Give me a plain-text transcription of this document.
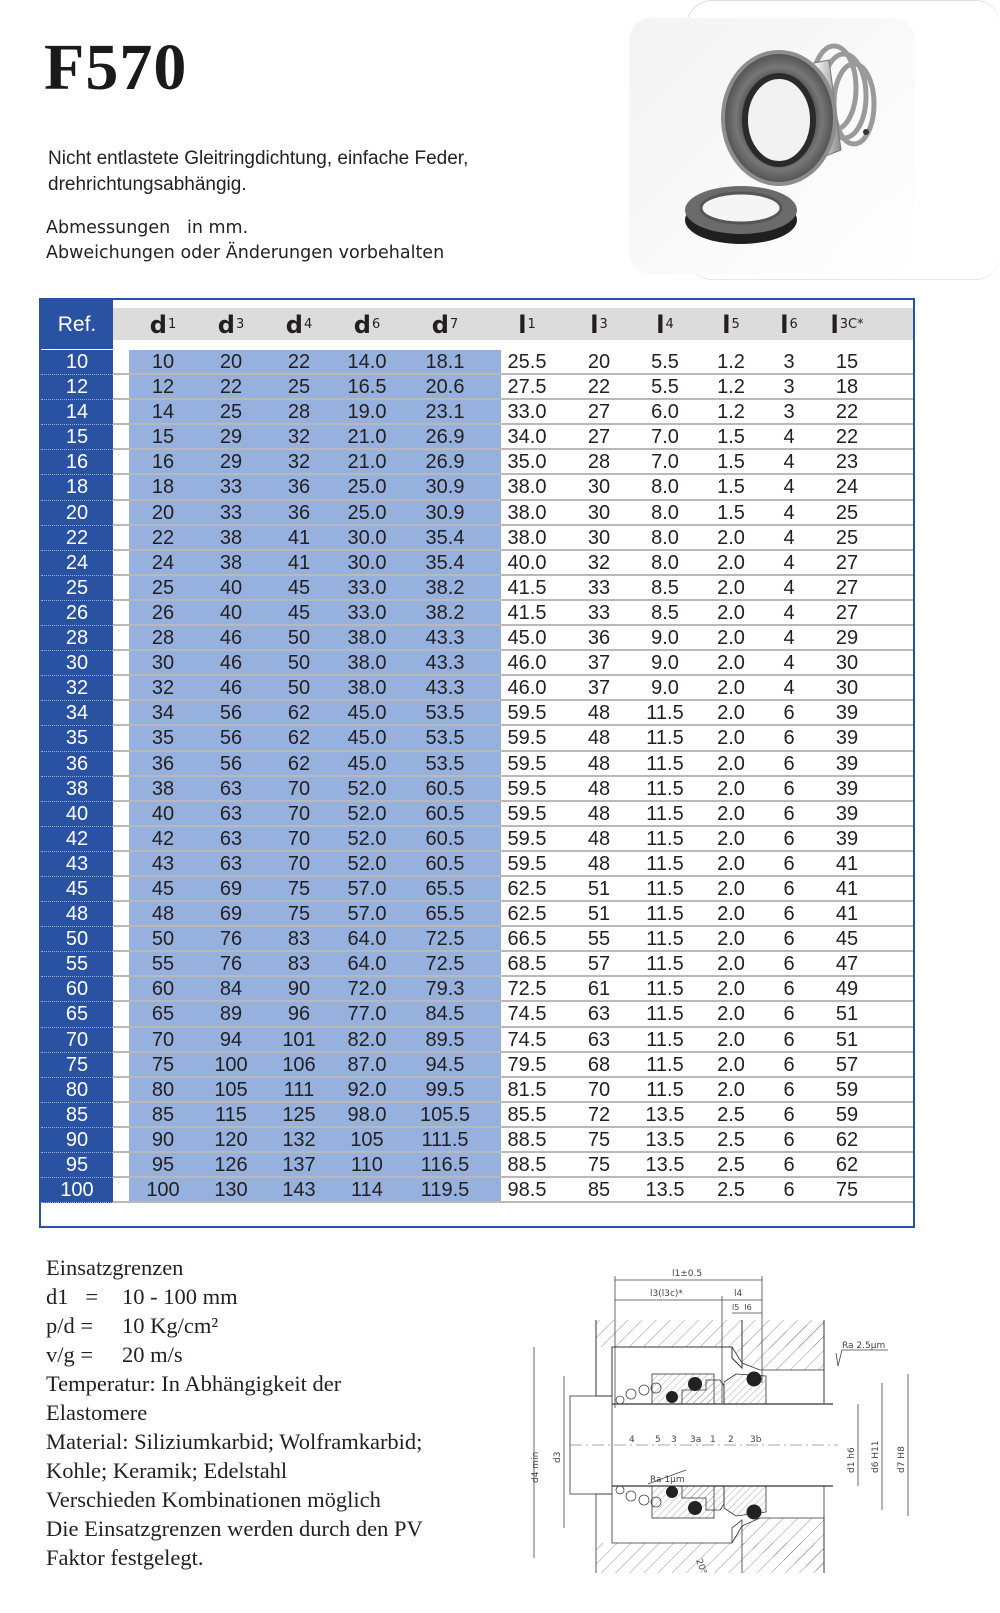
F570
Nicht entlastete Gleitringdichtung, einfache Feder,
drehrichtungsabhängig.
Abmessungen   in mm.
Abweichungen oder Änderungen vorbehalten
Ref.	d 1 d 3 d 4 d 6 d 7	l 1 l 3 l 4 l 5 l 6 l 3C*
10	10	20	22	14.0	18.1	25.5	20	5.5	1.2	3	15
12	12	22	25	16.5	20.6	27.5	22	5.5	1.2	3	18
14	14	25	28	19.0	23.1	33.0	27	6.0	1.2	3	22
15	15	29	32	21.0	26.9	34.0	27	7.0	1.5	4	22
16	16	29	32	21.0	26.9	35.0	28	7.0	1.5	4	23
18	18	33	36	25.0	30.9	38.0	30	8.0	1.5	4	24
20	20	33	36	25.0	30.9	38.0	30	8.0	1.5	4	25
22	22	38	41	30.0	35.4	38.0	30	8.0	2.0	4	25
24	24	38	41	30.0	35.4	40.0	32	8.0	2.0	4	27
25	25	40	45	33.0	38.2	41.5	33	8.5	2.0	4	27
26	26	40	45	33.0	38.2	41.5	33	8.5	2.0	4	27
28	28	46	50	38.0	43.3	45.0	36	9.0	2.0	4	29
30	30	46	50	38.0	43.3	46.0	37	9.0	2.0	4	30
32	32	46	50	38.0	43.3	46.0	37	9.0	2.0	4	30
34	34	56	62	45.0	53.5	59.5	48	11.5	2.0	6	39
35	35	56	62	45.0	53.5	59.5	48	11.5	2.0	6	39
36	36	56	62	45.0	53.5	59.5	48	11.5	2.0	6	39
38	38	63	70	52.0	60.5	59.5	48	11.5	2.0	6	39
40	40	63	70	52.0	60.5	59.5	48	11.5	2.0	6	39
42	42	63	70	52.0	60.5	59.5	48	11.5	2.0	6	39
43	43	63	70	52.0	60.5	59.5	48	11.5	2.0	6	41
45	45	69	75	57.0	65.5	62.5	51	11.5	2.0	6	41
48	48	69	75	57.0	65.5	62.5	51	11.5	2.0	6	41
50	50	76	83	64.0	72.5	66.5	55	11.5	2.0	6	45
55	55	76	83	64.0	72.5	68.5	57	11.5	2.0	6	47
60	60	84	90	72.0	79.3	72.5	61	11.5	2.0	6	49
65	65	89	96	77.0	84.5	74.5	63	11.5	2.0	6	51
70	70	94	101	82.0	89.5	74.5	63	11.5	2.0	6	51
75	75	100	106	87.0	94.5	79.5	68	11.5	2.0	6	57
80	80	105	111	92.0	99.5	81.5	70	11.5	2.0	6	59
85	85	115	125	98.0	105.5	85.5	72	13.5	2.5	6	59
90	90	120	132	105	111.5	88.5	75	13.5	2.5	6	62
95	95	126	137	110	116.5	88.5	75	13.5	2.5	6	62
100	100	130	143	114	119.5	98.5	85	13.5	2.5	6	75
Einsatzgrenzen
d1   = 10 - 100 mm
p/d = 10 Kg/cm²
v/g = 20 m/s
Temperatur: In Abhängigkeit der
Elastomere
Material: Siliziumkarbid; Wolframkarbid;
Kohle; Keramik; Edelstahl
Verschieden Kombinationen möglich
Die Einsatzgrenzen werden durch den PV
Faktor festgelegt.
l1±0.5
l3(l3c)*	l4
l5  l6
4 5 3 3a 1 2 3b
Ra 2.5μm
Ra 1μm
20°
d4 min d3	d1 h6 d6 H11 d7 H8
